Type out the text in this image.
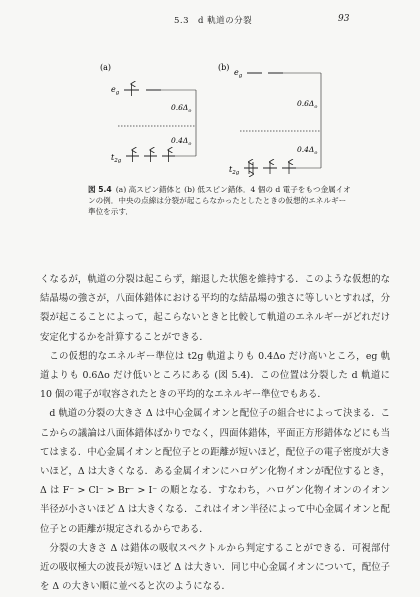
5.3　d 軌道の分裂	93
(a)
$e_g$
$0.6\Delta_o$
$0.4\Delta_o$
$t_{2g}$
(b)
$e_g$
$0.6\Delta_o$
$0.4\Delta_o$
$t_{2g}$
図 5.4 (a) 高スピン錯体と (b) 低スピン錯体．4 個の d 電子をもつ金属イオンの例．中央の点線は分裂が起こらなかったとしたときの仮想的エネルギー準位を示す．

くなるが，軌道の分裂は起こらず，縮退した状態を維持する．このような仮想的な結晶場の強さが，八面体錯体における平均的な結晶場の強さに等しいとすれば，分裂が起こることによって，起こらないときと比較して軌道のエネルギーがどれだけ安定化するかを計算することができる．

この仮想的なエネルギー準位は t2g 軌道よりも 0.4Δo だけ高いところ，eg 軌道よりも 0.6Δo だけ低いところにある (図 5.4)．この位置は分裂した d 軌道に 10 個の電子が収容されたときの平均的なエネルギー準位でもある．

d 軌道の分裂の大きさ Δ は中心金属イオンと配位子の組合せによって決まる．ここからの議論は八面体錯体ばかりでなく，四面体錯体，平面正方形錯体などにも当てはまる．中心金属イオンと配位子との距離が短いほど，配位子の電子密度が大きいほど，Δ は大きくなる．ある金属イオンにハロゲン化物イオンが配位するとき，Δ は F⁻ > Cl⁻ > Br⁻ > I⁻ の順となる．すなわち，ハロゲン化物イオンのイオン半径が小さいほど Δ は大きくなる．これはイオン半径によって中心金属イオンと配位子との距離が規定されるからである．

分裂の大きさ Δ は錯体の吸収スペクトルから判定することができる．可視部付近の吸収極大の波長が短いほど Δ は大きい．同じ中心金属イオンについて，配位子を Δ の大きい順に並べると次のようになる．
